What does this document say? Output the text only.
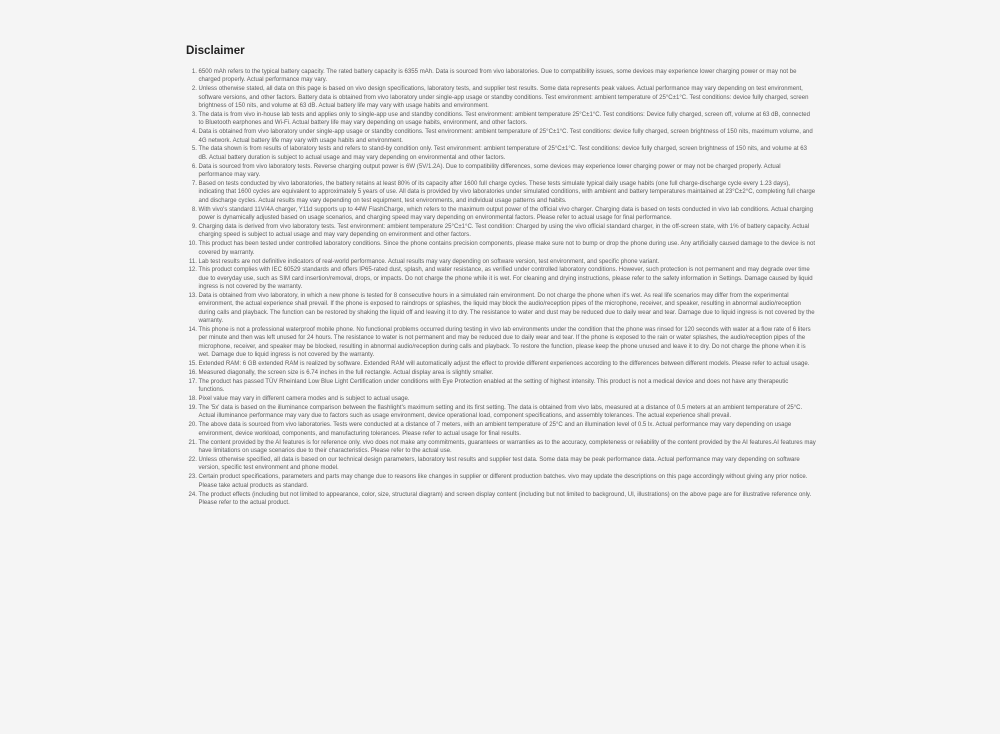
Disclaimer
1. 6500 mAh refers to the typical battery capacity. The rated battery capacity is 6355 mAh. Data is sourced from vivo laboratories. Due to compatibility issues, some devices may experience lower charging power or may not be charged properly. Actual performance may vary.
2. Unless otherwise stated, all data on this page is based on vivo design specifications, laboratory tests, and supplier test results. Some data represents peak values. Actual performance may vary depending on test environment, software versions, and other factors. Battery data is obtained from vivo laboratory under single-app usage or standby conditions. Test environment: ambient temperature of 25°C±1°C. Test conditions: device fully charged, screen brightness of 150 nits, and volume at 63 dB. Actual battery life may vary with usage habits and environment.
3. The data is from vivo in-house lab tests and applies only to single-app use and standby conditions. Test environment: ambient temperature 25°C±1°C. Test conditions: Device fully charged, screen off, volume at 63 dB, connected to Bluetooth earphones and Wi-Fi. Actual battery life may vary depending on usage habits, environment, and other factors.
4. Data is obtained from vivo laboratory under single-app usage or standby conditions. Test environment: ambient temperature of 25°C±1°C. Test conditions: device fully charged, screen brightness of 150 nits, maximum volume, and 4G network. Actual battery life may vary with usage habits and environment.
5. The data shown is from results of laboratory tests and refers to stand-by condition only. Test environment: ambient temperature of 25°C±1°C. Test conditions: device fully charged, screen brightness of 150 nits, and volume at 63 dB. Actual battery duration is subject to actual usage and may vary depending on environmental and other factors.
6. Data is sourced from vivo laboratory tests. Reverse charging output power is 6W (5V/1.2A). Due to compatibility differences, some devices may experience lower charging power or may not be charged properly. Actual performance may vary.
7. Based on tests conducted by vivo laboratories, the battery retains at least 80% of its capacity after 1600 full charge cycles. These tests simulate typical daily usage habits (one full charge-discharge cycle every 1.23 days), indicating that 1600 cycles are equivalent to approximately 5 years of use. All data is provided by vivo laboratories under simulated conditions, with ambient and battery temperatures maintained at 23°C±2°C, completing full charge and discharge cycles. Actual results may vary depending on test equipment, test environments, and individual usage patterns and habits.
8. With vivo's standard 11V/4A charger, Y11d supports up to 44W FlashCharge, which refers to the maximum output power of the official vivo charger. Charging data is based on tests conducted in vivo lab conditions. Actual charging power is dynamically adjusted based on usage scenarios, and charging speed may vary depending on environmental factors. Please refer to actual usage for final performance.
9. Charging data is derived from vivo laboratory tests. Test environment: ambient temperature 25°C±1°C. Test condition: Charged by using the vivo official standard charger, in the off-screen state, with 1% of battery capacity. Actual charging speed is subject to actual usage and may vary depending on environment and other factors.
10. This product has been tested under controlled laboratory conditions. Since the phone contains precision components, please make sure not to bump or drop the phone during use. Any artificially caused damage to the device is not covered by warranty.
11. Lab test results are not definitive indicators of real-world performance. Actual results may vary depending on software version, test environment, and specific phone variant.
12. This product complies with IEC 60529 standards and offers IP65-rated dust, splash, and water resistance, as verified under controlled laboratory conditions. However, such protection is not permanent and may degrade over time due to everyday use, such as SIM card insertion/removal, drops, or impacts. Do not charge the phone while it is wet. For cleaning and drying instructions, please refer to the safety information in Settings. Damage caused by liquid ingress is not covered by the warranty.
13. Data is obtained from vivo laboratory, in which a new phone is tested for 8 consecutive hours in a simulated rain environment. Do not charge the phone when it's wet. As real life scenarios may differ from the experimental environment, the actual experience shall prevail. If the phone is exposed to raindrops or splashes, the liquid may block the audio/reception pipes of the microphone, receiver, and speaker, resulting in abnormal audio/reception during calls and playback. The function can be restored by shaking the liquid off and leaving it to dry. The resistance to water and dust may be reduced due to daily wear and tear. Damage due to liquid ingress is not covered by the warranty.
14. This phone is not a professional waterproof mobile phone. No functional problems occurred during testing in vivo lab environments under the condition that the phone was rinsed for 120 seconds with water at a flow rate of 6 liters per minute and then was left unused for 24 hours. The resistance to water is not permanent and may be reduced due to daily wear and tear. If the phone is exposed to the rain or water splashes, the audio/reception pipes of the microphone, receiver, and speaker may be blocked, resulting in abnormal audio/reception during calls and playback. To restore the function, please keep the phone unused and leave it to dry. Do not charge the phone when it is wet. Damage due to liquid ingress is not covered by the warranty.
15. Extended RAM: 6 GB extended RAM is realized by software. Extended RAM will automatically adjust the effect to provide different experiences according to the differences between different models. Please refer to actual usage.
16. Measured diagonally, the screen size is 6.74 inches in the full rectangle. Actual display area is slightly smaller.
17. The product has passed TÜV Rheinland Low Blue Light Certification under conditions with Eye Protection enabled at the setting of highest intensity. This product is not a medical device and does not have any therapeutic functions.
18. Pixel value may vary in different camera modes and is subject to actual usage.
19. The '5x' data is based on the illuminance comparison between the flashlight's maximum setting and its first setting. The data is obtained from vivo labs, measured at a distance of 0.5 meters at an ambient temperature of 25°C. Actual illuminance performance may vary due to factors such as usage environment, device operational load, component specifications, and assembly tolerances. The actual experience shall prevail.
20. The above data is sourced from vivo laboratories. Tests were conducted at a distance of 7 meters, with an ambient temperature of 25°C and an illumination level of 0.5 lx. Actual performance may vary depending on usage environment, device workload, components, and manufacturing tolerances. Please refer to actual usage for final results.
21. The content provided by the AI features is for reference only. vivo does not make any commitments, guarantees or warranties as to the accuracy, completeness or reliability of the content provided by the AI features.AI features may have limitations on usage scenarios due to their characteristics. Please refer to the actual use.
22. Unless otherwise specified, all data is based on our technical design parameters, laboratory test results and supplier test data. Some data may be peak performance data. Actual performance may vary depending on software version, specific test environment and phone model.
23. Certain product specifications, parameters and parts may change due to reasons like changes in supplier or different production batches. vivo may update the descriptions on this page accordingly without giving any prior notice. Please take actual products as standard.
24. The product effects (including but not limited to appearance, color, size, structural diagram) and screen display content (including but not limited to background, UI, illustrations) on the above page are for illustrative reference only. Please refer to the actual product.
